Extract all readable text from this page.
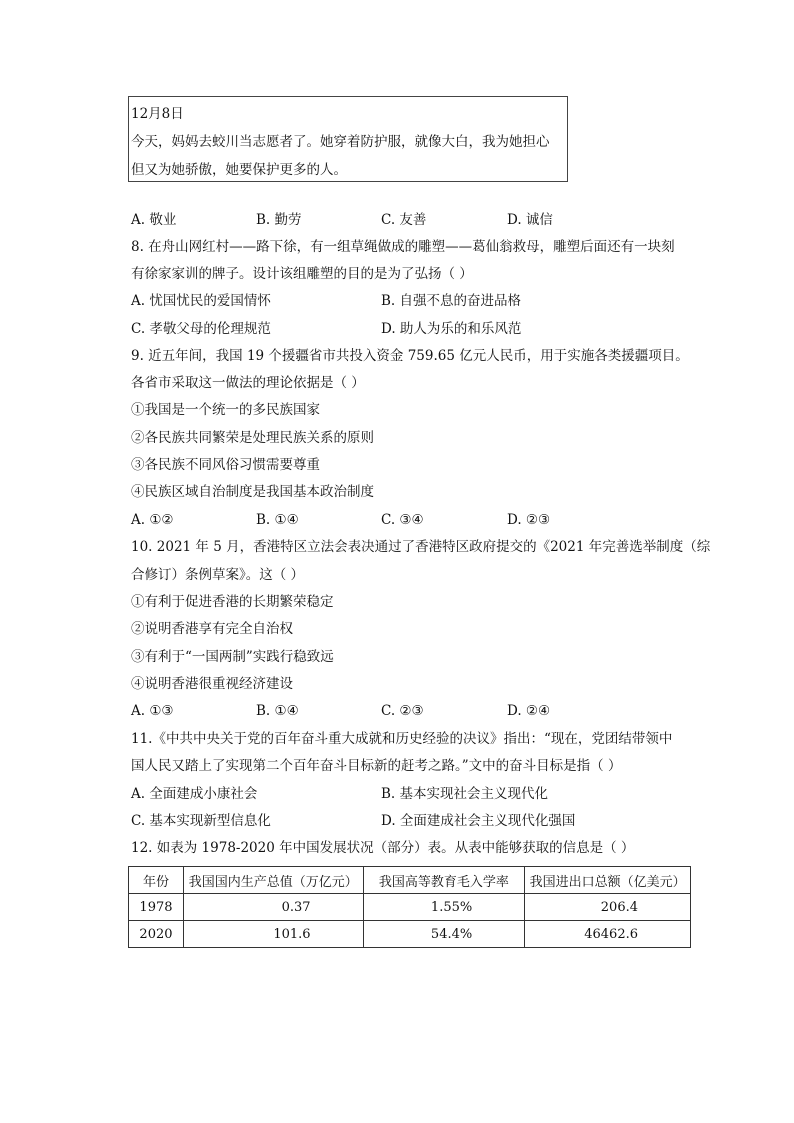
12月8日
今天，妈妈去蛟川当志愿者了。她穿着防护服，就像大白，我为她担心
但又为她骄傲，她要保护更多的人。
A. 敬业	B. 勤劳	C. 友善	D. 诚信
8. 在舟山网红村——路下徐，有一组草绳做成的雕塑——葛仙翁救母，雕塑后面还有一块刻
有徐家家训的牌子。设计该组雕塑的目的是为了弘扬（ ）
A. 忧国忧民的爱国情怀	B. 自强不息的奋进品格
C. 孝敬父母的伦理规范	D. 助人为乐的和乐风范
9. 近五年间，我国 19 个援疆省市共投入资金 759.65 亿元人民币，用于实施各类援疆项目。
各省市采取这一做法的理论依据是（ ）
①我国是一个统一的多民族国家
②各民族共同繁荣是处理民族关系的原则
③各民族不同风俗习惯需要尊重
④民族区域自治制度是我国基本政治制度
A. ①②	B. ①④	C. ③④	D. ②③
10. 2021 年 5 月，香港特区立法会表决通过了香港特区政府提交的《2021 年完善选举制度（综
合修订）条例草案》。这（ ）
①有利于促进香港的长期繁荣稳定
②说明香港享有完全自治权
③有利于“一国两制”实践行稳致远
④说明香港很重视经济建设
A. ①③	B. ①④	C. ②③	D. ②④
11.《中共中央关于党的百年奋斗重大成就和历史经验的决议》指出：“现在，党团结带领中
国人民又踏上了实现第二个百年奋斗目标新的赶考之路。”文中的奋斗目标是指（ ）
A. 全面建成小康社会	B. 基本实现社会主义现代化
C. 基本实现新型信息化	D. 全面建成社会主义现代化强国
12. 如表为 1978-2020 年中国发展状况（部分）表。从表中能够获取的信息是（ ）
年份	我国国内生产总值（万亿元）	我国高等教育毛入学率	我国进出口总额（亿美元）
1978	0.37	1.55%	206.4
2020	101.6	54.4%	46462.6
